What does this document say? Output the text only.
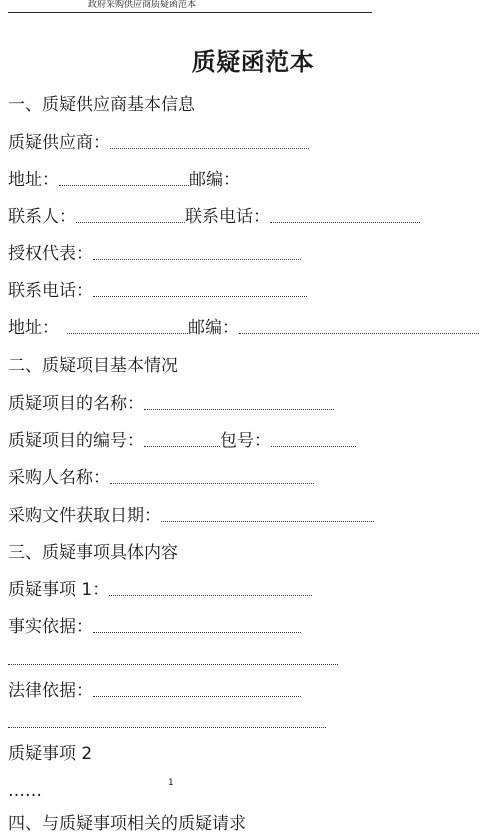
政府采购供应商质疑函范本
质疑函范本
一、质疑供应商基本信息
质疑供应商：
地址：	邮编：
联系人：	联系电话：
授权代表：
联系电话：
地址：	邮编：
二、质疑项目基本情况
质疑项目的名称：
质疑项目的编号：	包号：
采购人名称：
采购文件获取日期：
三、质疑事项具体内容
质疑事项 1：
事实依据：
法律依据：
质疑事项 2
……	1
四、与质疑事项相关的质疑请求
